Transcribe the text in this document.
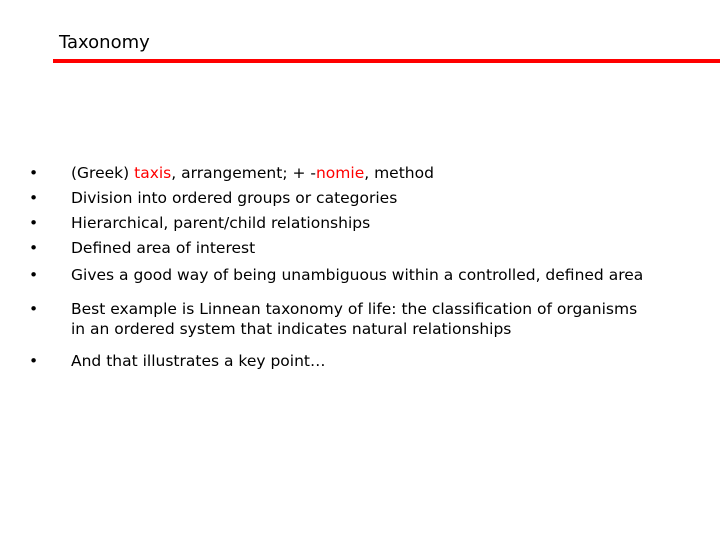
Taxonomy
• (Greek) taxis, arrangement; + -nomie, method
• Division into ordered groups or categories
• Hierarchical, parent/child relationships
• Defined area of interest
• Gives a good way of being unambiguous within a controlled, defined area
• Best example is Linnean taxonomy of life: the classification of organisms
in an ordered system that indicates natural relationships
• And that illustrates a key point…
